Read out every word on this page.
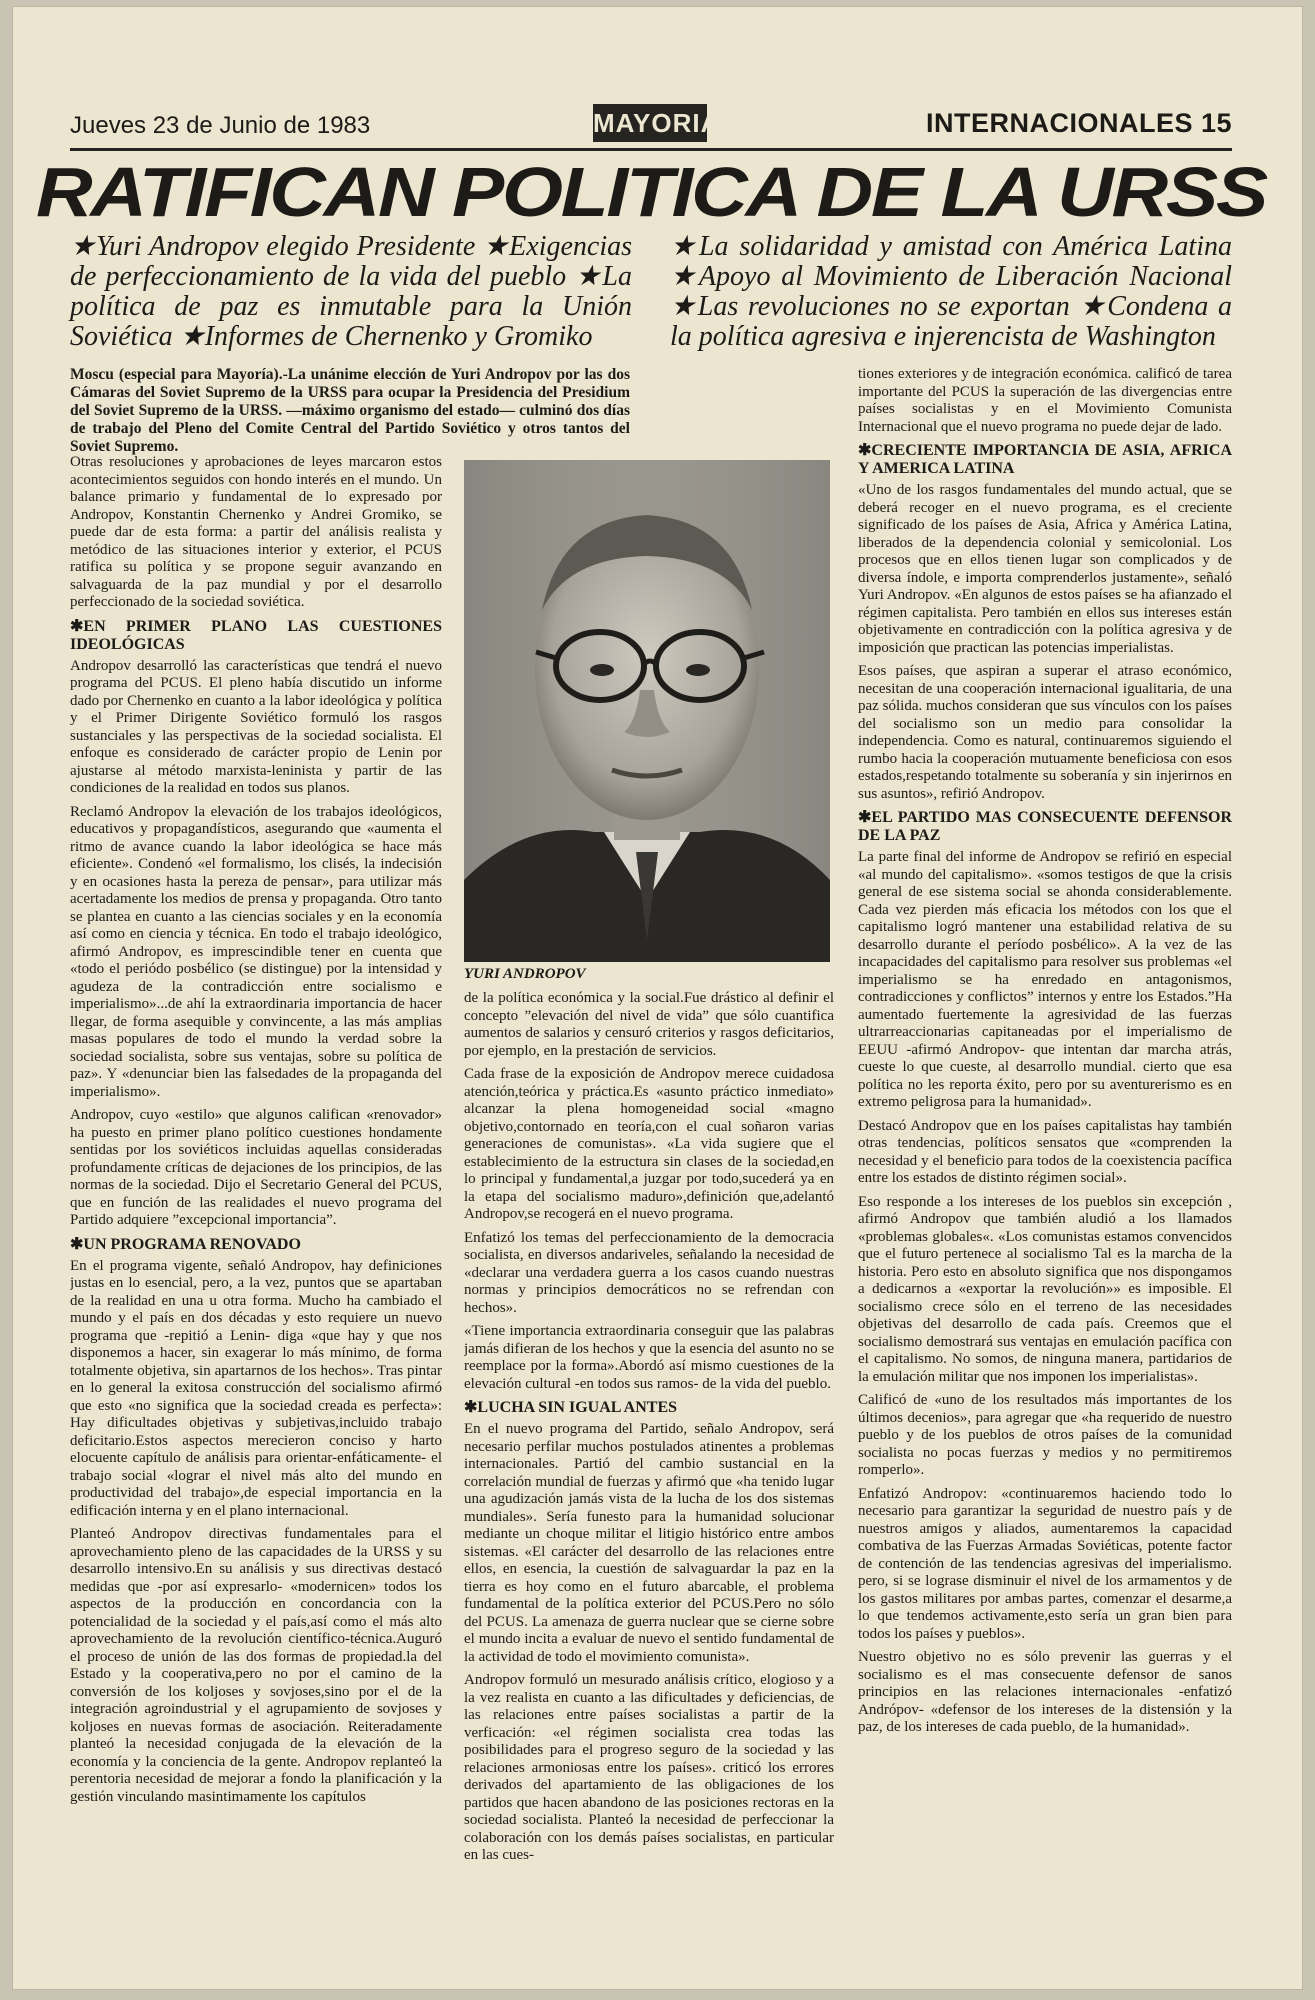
Jueves 23 de Junio de 1983	MAYORIA	INTERNACIONALES 15
RATIFICAN POLITICA DE LA URSS
★Yuri Andropov elegido Presidente ★Exigencias de perfeccionamiento de la vida del pueblo ★La política de paz es inmutable para la Unión Soviética ★Informes de Chernenko y Gromiko
★La solidaridad y amistad con América Latina ★Apoyo al Movimiento de Liberación Nacional ★Las revoluciones no se exportan ★Condena a la política agresiva e injerencista de Washington
Moscu (especial para Mayoría).-La unánime elección de Yuri Andropov por las dos Cámaras del Soviet Supremo de la URSS para ocupar la Presidencia del Presidium del Soviet Supremo de la URSS. —máximo organismo del estado— culminó dos días de trabajo del Pleno del Comite Central del Partido Soviético y otros tantos del Soviet Supremo.

Otras resoluciones y aprobaciones de leyes marcaron estos acontecimientos seguidos con hondo interés en el mundo. Un balance primario y fundamental de lo expresado por Andropov, Konstantin Chernenko y Andrei Gromiko, se puede dar de esta forma: a partir del análisis realista y metódico de las situaciones interior y exterior, el PCUS ratifica su política y se propone seguir avanzando en salvaguarda de la paz mundial y por el desarrollo perfeccionado de la sociedad soviética.

✱EN PRIMER PLANO LAS CUESTIONES IDEOLÓGICAS

Andropov desarrolló las características que tendrá el nuevo programa del PCUS. El pleno había discutido un informe dado por Chernenko en cuanto a la labor ideológica y política y el Primer Dirigente Soviético formuló los rasgos sustanciales y las perspectivas de la sociedad socialista. El enfoque es considerado de carácter propio de Lenin por ajustarse al método marxista-leninista y partir de las condiciones de la realidad en todos sus planos.

Reclamó Andropov la elevación de los trabajos ideológicos, educativos y propagandísticos, asegurando que «aumenta el ritmo de avance cuando la labor ideológica se hace más eficiente». Condenó «el formalismo, los clisés, la indecisión y en ocasiones hasta la pereza de pensar», para utilizar más acertadamente los medios de prensa y propaganda. Otro tanto se plantea en cuanto a las ciencias sociales y en la economía así como en ciencia y técnica. En todo el trabajo ideológico, afirmó Andropov, es imprescindible tener en cuenta que «todo el periódo posbélico (se distingue) por la intensidad y agudeza de la contradicción entre socialismo e imperialismo»...de ahí la extraordinaria importancia de hacer llegar, de forma asequible y convincente, a las más amplias masas populares de todo el mundo la verdad sobre la sociedad socialista, sobre sus ventajas, sobre su política de paz». Y «denunciar bien las falsedades de la propaganda del imperialismo».

Andropov, cuyo «estilo» que algunos califican «renovador» ha puesto en primer plano político cuestiones hondamente sentidas por los soviéticos incluidas aquellas consideradas profundamente críticas de dejaciones de los principios, de las normas de la sociedad. Dijo el Secretario General del PCUS, que en función de las realidades el nuevo programa del Partido adquiere ”excepcional importancia”.

✱UN PROGRAMA RENOVADO

En el programa vigente, señaló Andropov, hay definiciones justas en lo esencial, pero, a la vez, puntos que se apartaban de la realidad en una u otra forma. Mucho ha cambiado el mundo y el país en dos décadas y esto requiere un nuevo programa que -repitió a Lenin- diga «que hay y que nos disponemos a hacer, sin exagerar lo más mínimo, de forma totalmente objetiva, sin apartarnos de los hechos». Tras pintar en lo general la exitosa construcción del socialismo afirmó que esto «no significa que la sociedad creada es perfecta»: Hay dificultades objetivas y subjetivas,incluido trabajo deficitario.Estos aspectos merecieron conciso y harto elocuente capítulo de análisis para orientar-enfáticamente- el trabajo social «lograr el nivel más alto del mundo en productividad del trabajo»,de especial importancia en la edificación interna y en el plano internacional.

Planteó Andropov directivas fundamentales para el aprovechamiento pleno de las capacidades de la URSS y su desarrollo intensivo.En su análisis y sus directivas destacó medidas que -por así expresarlo- «modernicen» todos los aspectos de la producción en concordancia con la potencialidad de la sociedad y el país,así como el más alto aprovechamiento de la revolución científico-técnica.Auguró el proceso de unión de las dos formas de propiedad.la del Estado y la cooperativa,pero no por el camino de la conversión de los koljoses y sovjoses,sino por el de la integración agroindustrial y el agrupamiento de sovjoses y koljoses en nuevas formas de asociación. Reiteradamente planteó la necesidad conjugada de la elevación de la economía y la conciencia de la gente. Andropov replanteó la perentoria necesidad de mejorar a fondo la planificación y la gestión vinculando masintimamente los capítulos

YURI ANDROPOV

de la política económica y la social.Fue drástico al definir el concepto ”elevación del nivel de vida” que sólo cuantifica aumentos de salarios y censuró criterios y rasgos deficitarios, por ejemplo, en la prestación de servicios.

Cada frase de la exposición de Andropov merece cuidadosa atención,teórica y práctica.Es «asunto práctico inmediato» alcanzar la plena homogeneidad social «magno objetivo,contornado en teoría,con el cual soñaron varias generaciones de comunistas». «La vida sugiere que el establecimiento de la estructura sin clases de la sociedad,en lo principal y fundamental,a juzgar por todo,sucederá ya en la etapa del socialismo maduro»,definición que,adelantó Andropov,se recogerá en el nuevo programa.

Enfatizó los temas del perfeccionamiento de la democracia socialista, en diversos andariveles, señalando la necesidad de «declarar una verdadera guerra a los casos cuando nuestras normas y principios democráticos no se refrendan con hechos».

«Tiene importancia extraordinaria conseguir que las palabras jamás difieran de los hechos y que la esencia del asunto no se reemplace por la forma».Abordó así mismo cuestiones de la elevación cultural -en todos sus ramos- de la vida del pueblo.

✱LUCHA SIN IGUAL ANTES

En el nuevo programa del Partido, señalo Andropov, será necesario perfilar muchos postulados atinentes a problemas internacionales. Partió del cambio sustancial en la correlación mundial de fuerzas y afirmó que «ha tenido lugar una agudización jamás vista de la lucha de los dos sistemas mundiales». Sería funesto para la humanidad solucionar mediante un choque militar el litigio histórico entre ambos sistemas. «El carácter del desarrollo de las relaciones entre ellos, en esencia, la cuestión de salvaguardar la paz en la tierra es hoy como en el futuro abarcable, el problema fundamental de la política exterior del PCUS.Pero no sólo del PCUS. La amenaza de guerra nuclear que se cierne sobre el mundo incita a evaluar de nuevo el sentido fundamental de la actividad de todo el movimiento comunista».

Andropov formuló un mesurado análisis crítico, elogioso y a la vez realista en cuanto a las dificultades y deficiencias, de las relaciones entre países socialistas a partir de la verficación: «el régimen socialista crea todas las posibilidades para el progreso seguro de la sociedad y las relaciones armoniosas entre los países». criticó los errores derivados del apartamiento de las obligaciones de los partidos que hacen abandono de las posiciones rectoras en la sociedad socialista. Planteó la necesidad de perfeccionar la colaboración con los demás países socialistas, en particular en las cues-

tiones exteriores y de integración económica. calificó de tarea importante del PCUS la superación de las divergencias entre países socialistas y en el Movimiento Comunista Internacional que el nuevo programa no puede dejar de lado.

✱CRECIENTE IMPORTANCIA DE ASIA, AFRICA Y AMERICA LATINA

«Uno de los rasgos fundamentales del mundo actual, que se deberá recoger en el nuevo programa, es el creciente significado de los países de Asia, Africa y América Latina, liberados de la dependencia colonial y semicolonial. Los procesos que en ellos tienen lugar son complicados y de diversa índole, e importa comprenderlos justamente», señaló Yuri Andropov. «En algunos de estos países se ha afianzado el régimen capitalista. Pero también en ellos sus intereses están objetivamente en contradicción con la política agresiva y de imposición que practican las potencias imperialistas.

Esos países, que aspiran a superar el atraso económico, necesitan de una cooperación internacional igualitaria, de una paz sólida. muchos consideran que sus vínculos con los países del socialismo son un medio para consolidar la independencia. Como es natural, continuaremos siguiendo el rumbo hacia la cooperación mutuamente beneficiosa con esos estados,respetando totalmente su soberanía y sin injerirnos en sus asuntos», refirió Andropov.

✱EL PARTIDO MAS CONSECUENTE DEFENSOR DE LA PAZ

La parte final del informe de Andropov se refirió en especial «al mundo del capitalismo». «somos testigos de que la crisis general de ese sistema social se ahonda considerablemente. Cada vez pierden más eficacia los métodos con los que el capitalismo logró mantener una estabilidad relativa de su desarrollo durante el período posbélico». A la vez de las incapacidades del capitalismo para resolver sus problemas «el imperialismo se ha enredado en antagonismos, contradicciones y conflictos” internos y entre los Estados.”Ha aumentado fuertemente la agresividad de las fuerzas ultrarreaccionarias capitaneadas por el imperialismo de EEUU -afirmó Andropov- que intentan dar marcha atrás, cueste lo que cueste, al desarrollo mundial. cierto que esa política no les reporta éxito, pero por su aventurerismo es en extremo peligrosa para la humanidad».

Destacó Andropov que en los países capitalistas hay también otras tendencias, políticos sensatos que «comprenden la necesidad y el beneficio para todos de la coexistencia pacífica entre los estados de distinto régimen social».

Eso responde a los intereses de los pueblos sin excepción , afirmó Andropov que también aludió a los llamados «problemas globales«. «Los comunistas estamos convencidos que el futuro pertenece al socialismo Tal es la marcha de la historia. Pero esto en absoluto significa que nos dispongamos a dedicarnos a «exportar la revolución»» es imposible. El socialismo crece sólo en el terreno de las necesidades objetivas del desarrollo de cada país. Creemos que el socialismo demostrará sus ventajas en emulación pacífica con el capitalismo. No somos, de ninguna manera, partidarios de la emulación militar que nos imponen los imperialistas».

Calificó de «uno de los resultados más importantes de los últimos decenios», para agregar que «ha requerido de nuestro pueblo y de los pueblos de otros países de la comunidad socialista no pocas fuerzas y medios y no permitiremos romperlo».

Enfatizó Andropov: «continuaremos haciendo todo lo necesario para garantizar la seguridad de nuestro país y de nuestros amigos y aliados, aumentaremos la capacidad combativa de las Fuerzas Armadas Soviéticas, potente factor de contención de las tendencias agresivas del imperialismo. pero, si se lograse disminuir el nivel de los armamentos y de los gastos militares por ambas partes, comenzar el desarme,a lo que tendemos activamente,esto sería un gran bien para todos los países y pueblos».

Nuestro objetivo no es sólo prevenir las guerras y el socialismo es el mas consecuente defensor de sanos principios en las relaciones internacionales -enfatizó Andrópov- «defensor de los intereses de la distensión y la paz, de los intereses de cada pueblo, de la humanidad».
